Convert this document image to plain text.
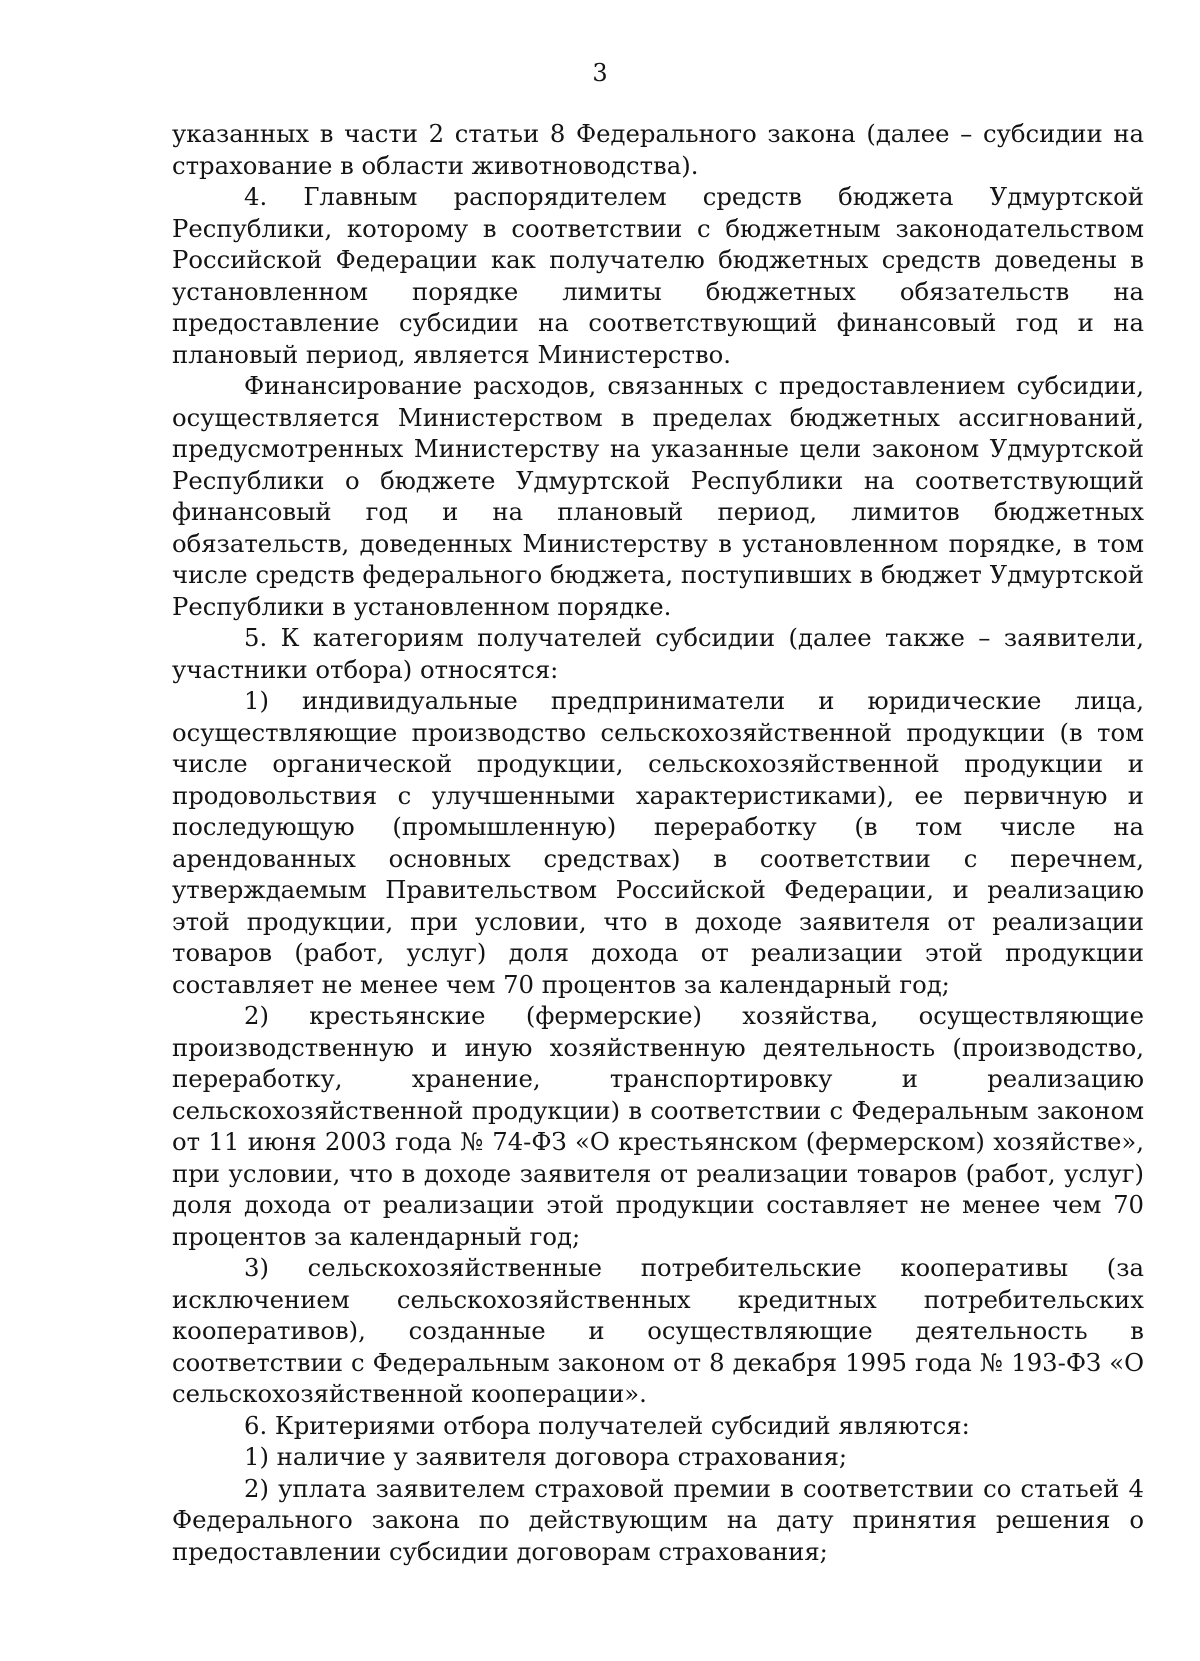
3

указанных в части 2 статьи 8 Федерального закона (далее – субсидии на страхование в области животноводства).

4. Главным распорядителем средств бюджета Удмуртской Республики, которому в соответствии с бюджетным законодательством Российской Федерации как получателю бюджетных средств доведены в установленном порядке лимиты бюджетных обязательств на предоставление субсидии на соответствующий финансовый год и на плановый период, является Министерство.

Финансирование расходов, связанных с предоставлением субсидии, осуществляется Министерством в пределах бюджетных ассигнований, предусмотренных Министерству на указанные цели законом Удмуртской Республики о бюджете Удмуртской Республики на соответствующий финансовый год и на плановый период, лимитов бюджетных обязательств, доведенных Министерству в установленном порядке, в том числе средств федерального бюджета, поступивших в бюджет Удмуртской Республики в установленном порядке.

5. К категориям получателей субсидии (далее также – заявители, участники отбора) относятся:

1) индивидуальные предприниматели и юридические лица, осуществляющие производство сельскохозяйственной продукции (в том числе органической продукции, сельскохозяйственной продукции и продовольствия с улучшенными характеристиками), ее первичную и последующую (промышленную) переработку (в том числе на арендованных основных средствах) в соответствии с перечнем, утверждаемым Правительством Российской Федерации, и реализацию этой продукции, при условии, что в доходе заявителя от реализации товаров (работ, услуг) доля дохода от реализации этой продукции составляет не менее чем 70 процентов за календарный год;

2) крестьянские (фермерские) хозяйства, осуществляющие производственную и иную хозяйственную деятельность (производство, переработку, хранение, транспортировку и реализацию сельскохозяйственной продукции) в соответствии с Федеральным законом от 11 июня 2003 года № 74-ФЗ «О крестьянском (фермерском) хозяйстве», при условии, что в доходе заявителя от реализации товаров (работ, услуг) доля дохода от реализации этой продукции составляет не менее чем 70 процентов за календарный год;

3) сельскохозяйственные потребительские кооперативы (за исключением сельскохозяйственных кредитных потребительских кооперативов), созданные и осуществляющие деятельность в соответствии с Федеральным законом от 8 декабря 1995 года № 193-ФЗ «О сельскохозяйственной кооперации».

6. Критериями отбора получателей субсидий являются:

1) наличие у заявителя договора страхования;

2) уплата заявителем страховой премии в соответствии со статьей 4 Федерального закона по действующим на дату принятия решения о предоставлении субсидии договорам страхования;
